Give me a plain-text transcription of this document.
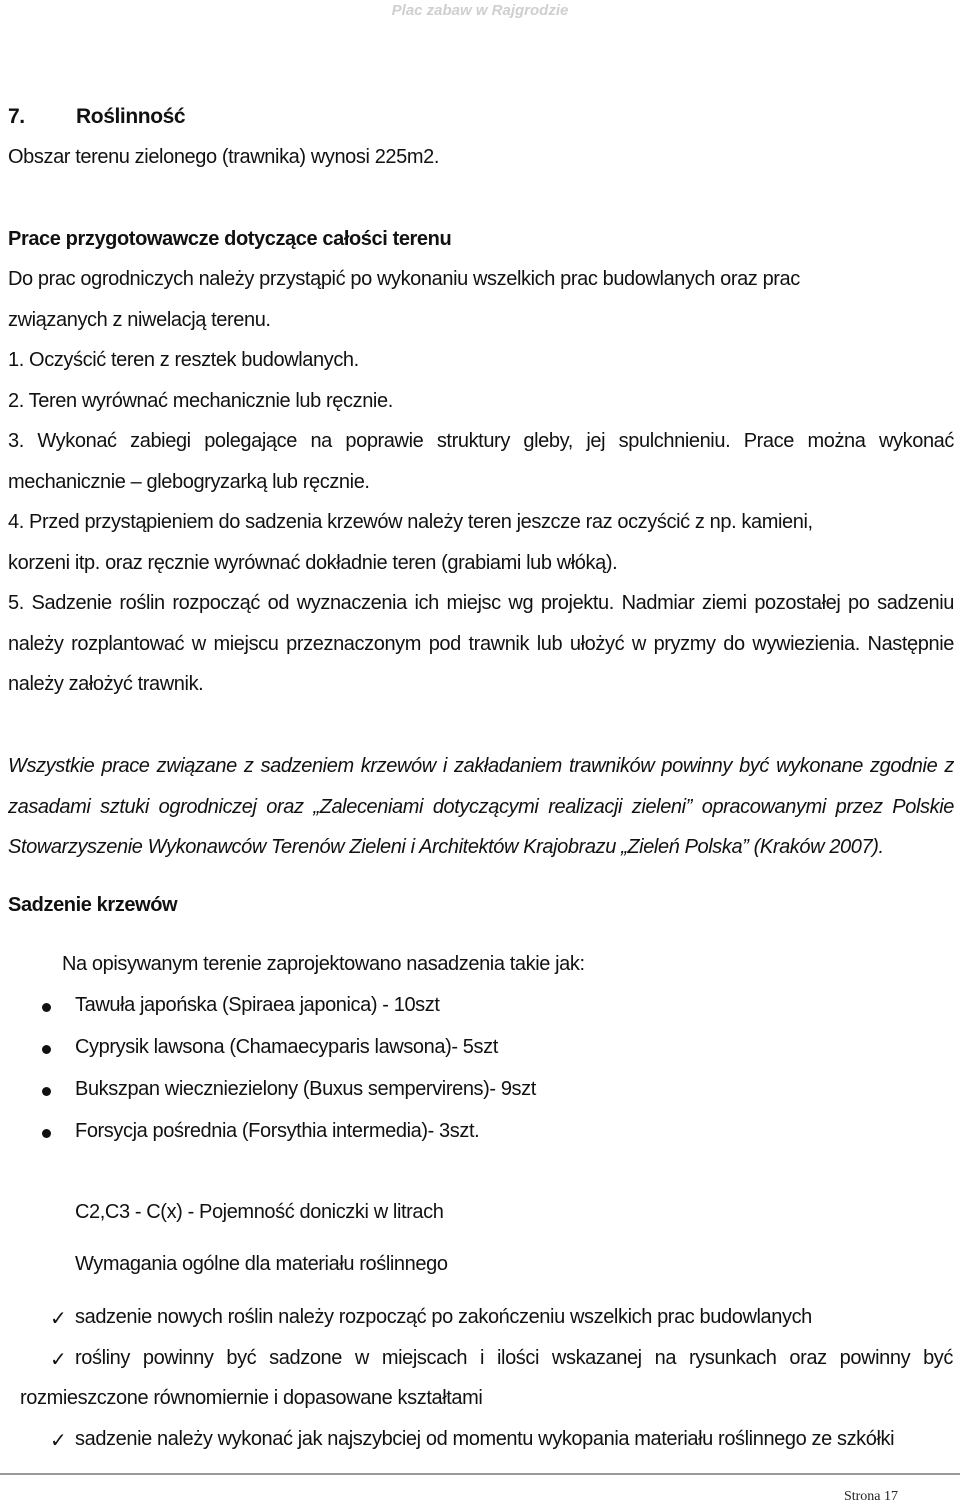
Plac zabaw w Rajgrodzie
7. Roślinność
Obszar terenu zielonego (trawnika) wynosi 225m2.
Prace przygotowawcze dotyczące całości terenu
Do prac ogrodniczych należy przystąpić po wykonaniu wszelkich prac budowlanych oraz prac
związanych z niwelacją terenu.
1. Oczyścić teren z resztek budowlanych.
2. Teren wyrównać mechanicznie lub ręcznie.
3. Wykonać zabiegi polegające na poprawie struktury gleby, jej spulchnieniu. Prace można wykonać
mechanicznie – glebogryzarką lub ręcznie.
4. Przed przystąpieniem do sadzenia krzewów należy teren jeszcze raz oczyścić z np. kamieni,
korzeni itp. oraz ręcznie wyrównać dokładnie teren (grabiami lub włóką).
5. Sadzenie roślin rozpocząć od wyznaczenia ich miejsc wg projektu. Nadmiar ziemi pozostałej po sadzeniu
należy rozplantować w miejscu przeznaczonym pod trawnik lub ułożyć w pryzmy do wywiezienia. Następnie
należy założyć trawnik.
Wszystkie prace związane z sadzeniem krzewów i zakładaniem trawników powinny być wykonane zgodnie z
zasadami sztuki ogrodniczej oraz „Zaleceniami dotyczącymi realizacji zieleni” opracowanymi przez Polskie
Stowarzyszenie Wykonawców Terenów Zieleni i Architektów Krajobrazu „Zieleń Polska” (Kraków 2007).
Sadzenie krzewów
Na opisywanym terenie zaprojektowano nasadzenia takie jak:
Tawuła japońska (Spiraea japonica) - 10szt
Cyprysik lawsona (Chamaecyparis lawsona)- 5szt
Bukszpan wieczniezielony (Buxus sempervirens)- 9szt
Forsycja pośrednia (Forsythia intermedia)- 3szt.
C2,C3 - C(x) - Pojemność doniczki w litrach
Wymagania ogólne dla materiału roślinnego
✓ sadzenie nowych roślin należy rozpocząć po zakończeniu wszelkich prac budowlanych
✓ rośliny powinny być sadzone w miejscach i ilości wskazanej na rysunkach oraz powinny być
rozmieszczone równomiernie i dopasowane kształtami
✓ sadzenie należy wykonać jak najszybciej od momentu wykopania materiału roślinnego ze szkółki
Strona 17
